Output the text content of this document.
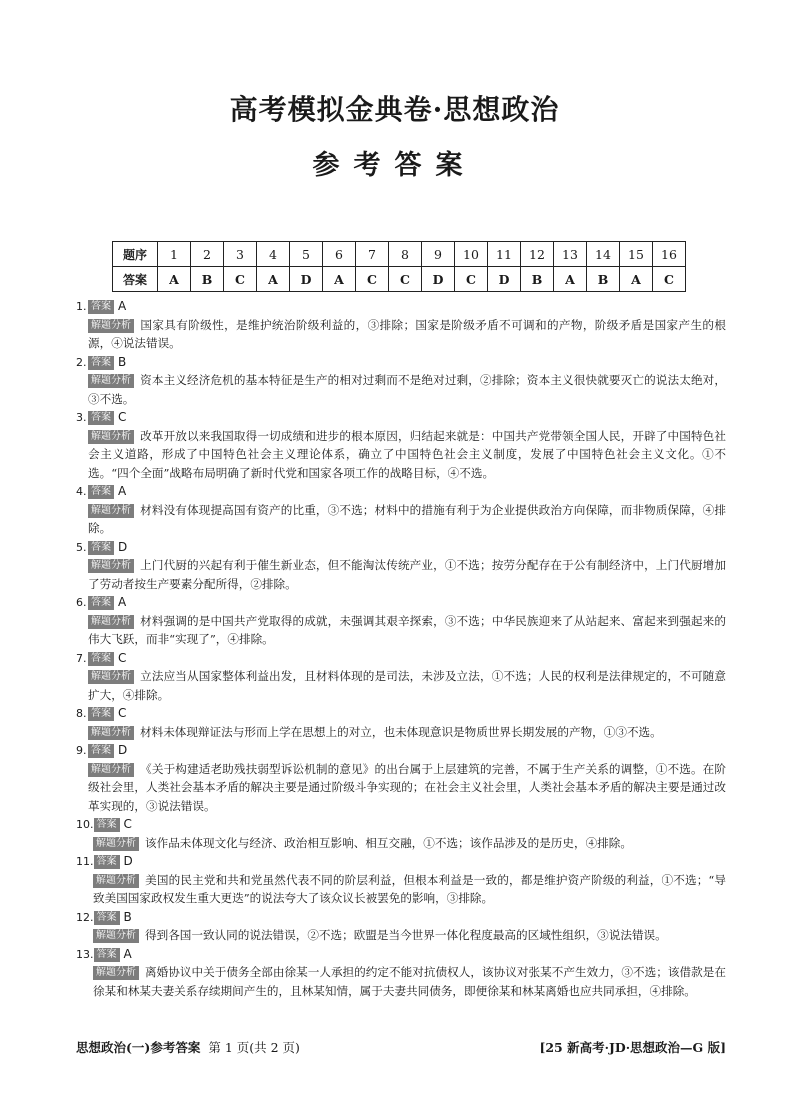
高考模拟金典卷·思想政治
参考答案
题序	1	2	3	4	5	6	7	8	9	10	11	12	13	14	15	16
答案	A	B	C	A	D	A	C	C	D	C	D	B	A	B	A	C
1. 答案 A
解题分析 国家具有阶级性，是维护统治阶级利益的，③排除；国家是阶级矛盾不可调和的产物，阶级矛盾是国家产生的根源，④说法错误。
2. 答案 B
解题分析 资本主义经济危机的基本特征是生产的相对过剩而不是绝对过剩，②排除；资本主义很快就要灭亡的说法太绝对，③不选。
3. 答案 C
解题分析 改革开放以来我国取得一切成绩和进步的根本原因，归结起来就是：中国共产党带领全国人民，开辟了中国特色社会主义道路，形成了中国特色社会主义理论体系，确立了中国特色社会主义制度，发展了中国特色社会主义文化。①不选。“四个全面”战略布局明确了新时代党和国家各项工作的战略目标，④不选。
4. 答案 A
解题分析 材料没有体现提高国有资产的比重，③不选；材料中的措施有利于为企业提供政治方向保障，而非物质保障，④排除。
5. 答案 D
解题分析 上门代厨的兴起有利于催生新业态，但不能淘汰传统产业，①不选；按劳分配存在于公有制经济中，上门代厨增加了劳动者按生产要素分配所得，②排除。
6. 答案 A
解题分析 材料强调的是中国共产党取得的成就，未强调其艰辛探索，③不选；中华民族迎来了从站起来、富起来到强起来的伟大飞跃，而非“实现了”，④排除。
7. 答案 C
解题分析 立法应当从国家整体利益出发，且材料体现的是司法，未涉及立法，①不选；人民的权利是法律规定的，不可随意扩大，④排除。
8. 答案 C
解题分析 材料未体现辩证法与形而上学在思想上的对立，也未体现意识是物质世界长期发展的产物，①③不选。
9. 答案 D
解题分析 《关于构建适老助残扶弱型诉讼机制的意见》的出台属于上层建筑的完善，不属于生产关系的调整，①不选。在阶级社会里，人类社会基本矛盾的解决主要是通过阶级斗争实现的；在社会主义社会里，人类社会基本矛盾的解决主要是通过改革实现的，③说法错误。
10. 答案 C
解题分析 该作品未体现文化与经济、政治相互影响、相互交融，①不选；该作品涉及的是历史，④排除。
11. 答案 D
解题分析 美国的民主党和共和党虽然代表不同的阶层利益，但根本利益是一致的，都是维护资产阶级的利益，①不选；“导致美国国家政权发生重大更迭”的说法夸大了该众议长被罢免的影响，③排除。
12. 答案 B
解题分析 得到各国一致认同的说法错误，②不选；欧盟是当今世界一体化程度最高的区域性组织，③说法错误。
13. 答案 A
解题分析 离婚协议中关于债务全部由徐某一人承担的约定不能对抗债权人，该协议对张某不产生效力，③不选；该借款是在徐某和林某夫妻关系存续期间产生的，且林某知情，属于夫妻共同债务，即便徐某和林某离婚也应共同承担，④排除。
思想政治(一)参考答案 第 1 页(共 2 页)	[25 新高考·JD·思想政治—G 版]
